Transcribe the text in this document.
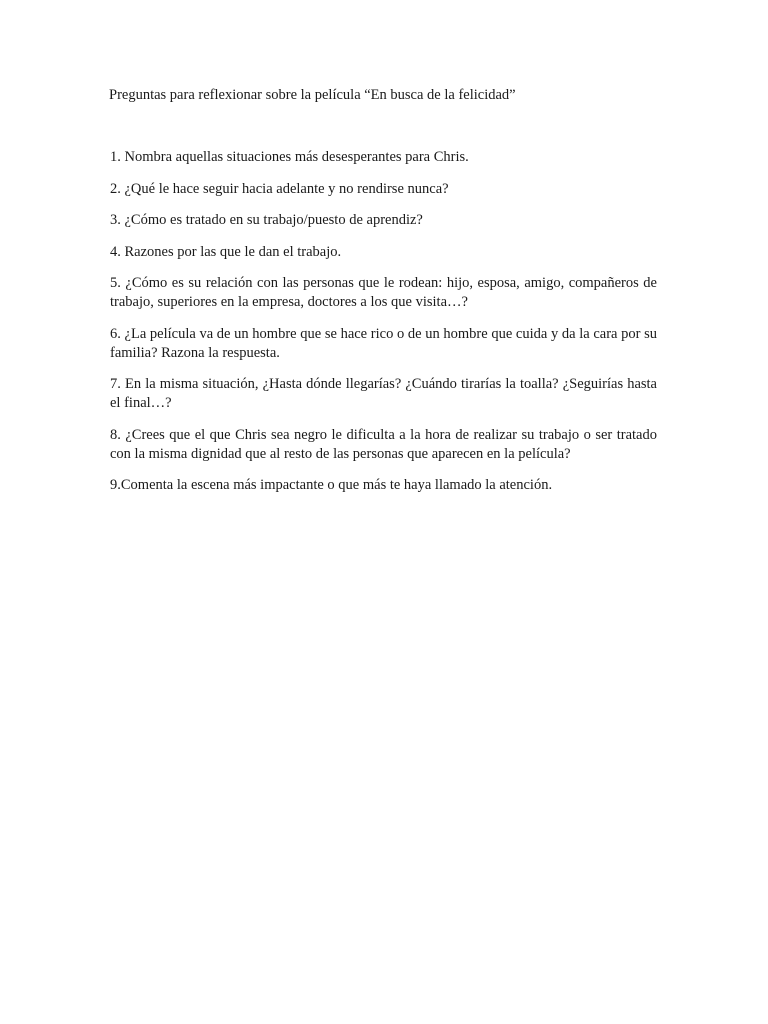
Preguntas para reflexionar sobre la película “En busca de la felicidad”
1. Nombra aquellas situaciones más desesperantes para Chris.
2. ¿Qué le hace seguir hacia adelante y no rendirse nunca?
3. ¿Cómo es tratado en su trabajo/puesto de aprendiz?
4. Razones por las que le dan el trabajo.
5. ¿Cómo es su relación con las personas que le rodean: hijo, esposa, amigo, compañeros de trabajo, superiores en la empresa, doctores a los que visita…?
6. ¿La película va de un hombre que se hace rico o de un hombre que cuida y da la cara por su familia? Razona la respuesta.
7. En la misma situación, ¿Hasta dónde llegarías? ¿Cuándo tirarías la toalla? ¿Seguirías hasta el final…?
8. ¿Crees que el que Chris sea negro le dificulta a la hora de realizar su trabajo o ser tratado con la misma dignidad que al resto de las personas que aparecen en la película?
9.Comenta la escena más impactante o que más te haya llamado la atención.
